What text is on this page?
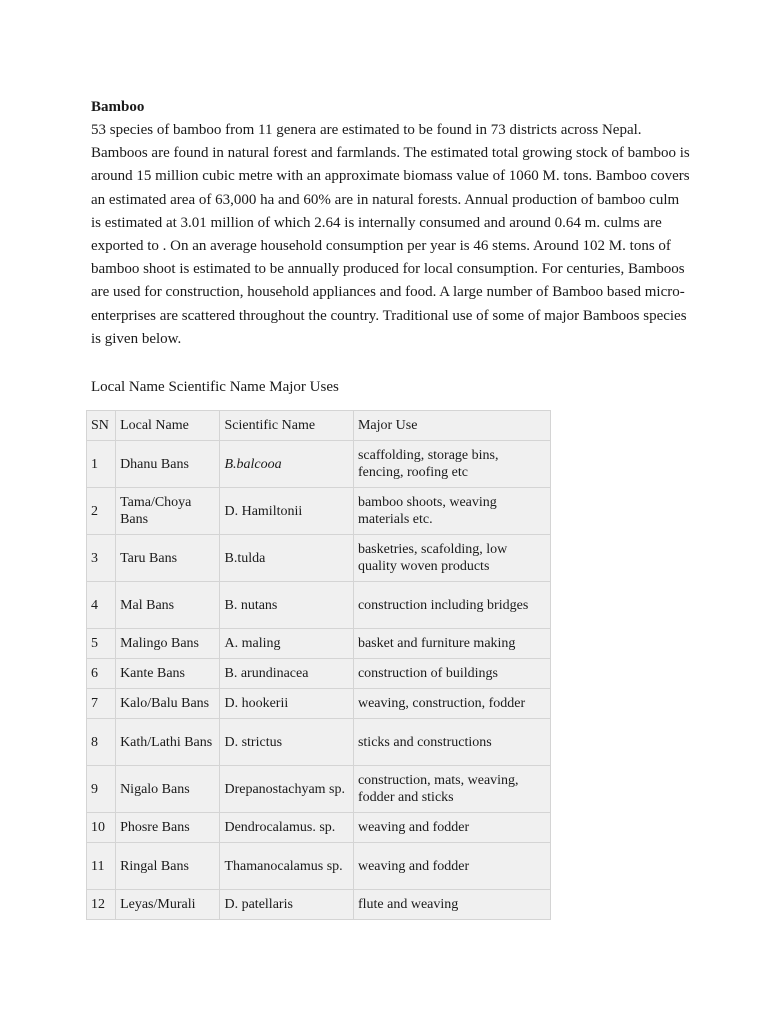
Bamboo

53 species of bamboo from 11 genera are estimated to be found in 73 districts across Nepal. Bamboos are found in natural forest and farmlands. The estimated total growing stock of bamboo is around 15 million cubic metre with an approximate biomass value of 1060 M. tons. Bamboo covers an estimated area of 63,000 ha and 60% are in natural forests. Annual production of bamboo culm is estimated at 3.01 million of which 2.64 is internally consumed and around 0.64 m. culms are exported to . On an average household consumption per year is 46 stems. Around 102 M. tons of bamboo shoot is estimated to be annually produced for local consumption. For centuries, Bamboos are used for construction, household appliances and food. A large number of Bamboo based micro-enterprises are scattered throughout the country. Traditional use of some of major Bamboos species is given below.

Local Name Scientific Name Major Uses

SN	Local Name	Scientific Name	Major Use
1	Dhanu Bans	B.balcooa	scaffolding, storage bins, fencing, roofing etc
2	Tama/Choya Bans	D. Hamiltonii	bamboo shoots, weaving materials etc.
3	Taru Bans	B.tulda	basketries, scafolding, low quality woven products
4	Mal Bans	B. nutans	construction including bridges
5	Malingo Bans	A. maling	basket and furniture making
6	Kante Bans	B. arundinacea	construction of buildings
7	Kalo/Balu Bans	D. hookerii	weaving, construction, fodder
8	Kath/Lathi Bans	D. strictus	sticks and constructions
9	Nigalo Bans	Drepanostachyam sp.	construction, mats, weaving, fodder and sticks
10	Phosre Bans	Dendrocalamus. sp.	weaving and fodder
11	Ringal Bans	Thamanocalamus sp.	weaving and fodder
12	Leyas/Murali	D. patellaris	flute and weaving
